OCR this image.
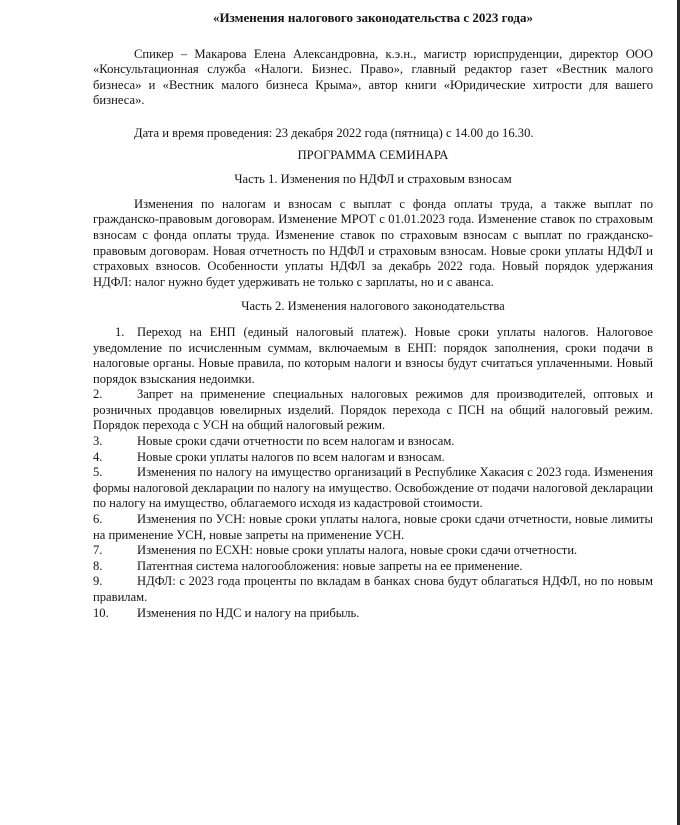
«Изменения налогового законодательства с 2023 года»

Спикер – Макарова Елена Александровна, к.э.н., магистр юриспруденции, директор ООО «Консультационная служба «Налоги. Бизнес. Право», главный редактор газет «Вестник малого бизнеса» и «Вестник малого бизнеса Крыма», автор книги «Юридические хитрости для вашего бизнеса».

Дата и время проведения: 23 декабря 2022 года (пятница) с 14.00 до 16.30.

ПРОГРАММА СЕМИНАРА

Часть 1. Изменения по НДФЛ и страховым взносам

Изменения по налогам и взносам с выплат с фонда оплаты труда, а также выплат по гражданско-правовым договорам. Изменение МРОТ с 01.01.2023 года. Изменение ставок по страховым взносам с фонда оплаты труда. Изменение ставок по страховым взносам с выплат по гражданско-правовым договорам. Новая отчетность по НДФЛ и страховым взносам. Новые сроки уплаты НДФЛ и страховых взносов. Особенности уплаты НДФЛ за декабрь 2022 года. Новый порядок удержания НДФЛ: налог нужно будет удерживать не только с зарплаты, но и с аванса.

Часть 2. Изменения налогового законодательства

1. Переход на ЕНП (единый налоговый платеж). Новые сроки уплаты налогов. Налоговое уведомление по исчисленным суммам, включаемым в ЕНП: порядок заполнения, сроки подачи в налоговые органы. Новые правила, по которым налоги и взносы будут считаться уплаченными. Новый порядок взыскания недоимки.

2.	Запрет на применение специальных налоговых режимов для производителей, оптовых и розничных продавцов ювелирных изделий. Порядок перехода с ПСН на общий налоговый режим. Порядок перехода с УСН на общий налоговый режим.

3.	Новые сроки сдачи отчетности по всем налогам и взносам.

4.	Новые сроки уплаты налогов по всем налогам и взносам.

5.	Изменения по налогу на имущество организаций в Республике Хакасия с 2023 года. Изменения формы налоговой декларации по налогу на имущество. Освобождение от подачи налоговой декларации по налогу на имущество, облагаемого исходя из кадастровой стоимости.

6.	Изменения по УСН: новые сроки уплаты налога, новые сроки сдачи отчетности, новые лимиты на применение УСН, новые запреты на применение УСН.

7.	Изменения по ЕСХН: новые сроки уплаты налога, новые сроки сдачи отчетности.

8.	Патентная система налогообложения: новые запреты на ее применение.

9.	НДФЛ: с 2023 года проценты по вкладам в банках снова будут облагаться НДФЛ, но по новым правилам.

10. Изменения по НДС и налогу на прибыль.
